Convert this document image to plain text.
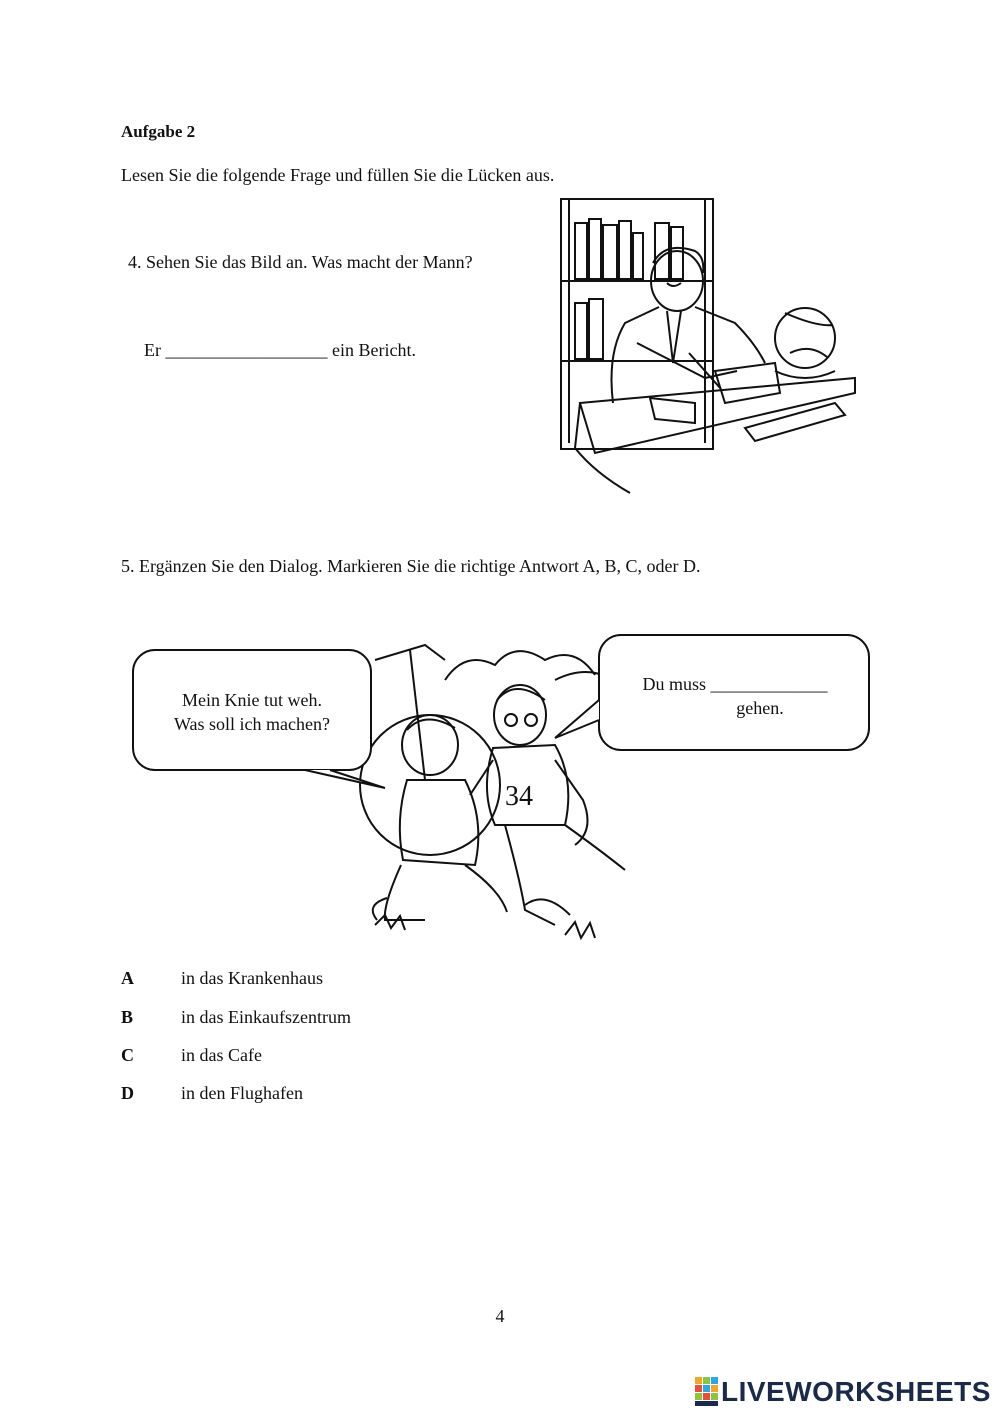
Aufgabe 2
Lesen Sie die folgende Frage und füllen Sie die Lücken aus.
4. Sehen Sie das Bild an. Was macht der Mann?
Er __________________ ein Bericht.
5. Ergänzen Sie den Dialog. Markieren Sie die richtige Antwort A, B, C, oder D.
34
Mein Knie tut weh.
Was soll ich machen?
Du muss _____________
gehen.
A	in das Krankenhaus
B	in das Einkaufszentrum
C	in das Cafe
D	in den Flughafen
4
LIVEWORKSHEETS
